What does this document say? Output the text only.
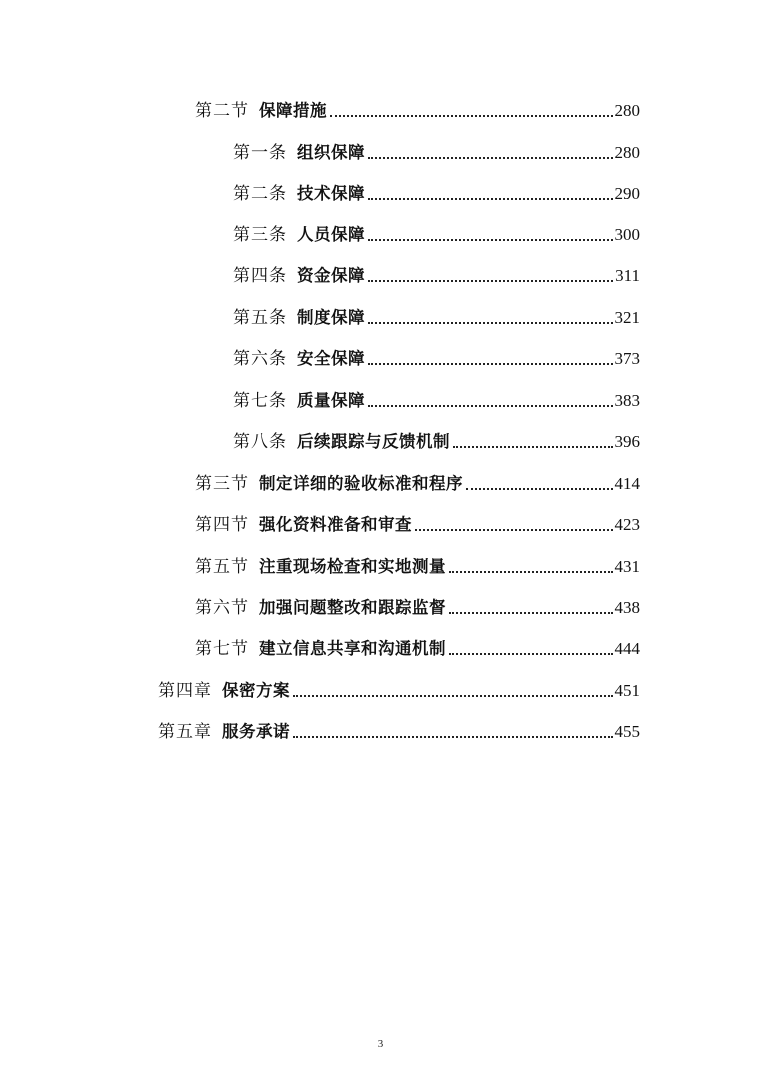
第二节 保障措施	280
第一条 组织保障	280
第二条 技术保障	290
第三条 人员保障	300
第四条 资金保障	311
第五条 制度保障	321
第六条 安全保障	373
第七条 质量保障	383
第八条 后续跟踪与反馈机制	396
第三节 制定详细的验收标准和程序	414
第四节 强化资料准备和审查	423
第五节 注重现场检查和实地测量	431
第六节 加强问题整改和跟踪监督	438
第七节 建立信息共享和沟通机制	444
第四章 保密方案	451
第五章 服务承诺	455
3
